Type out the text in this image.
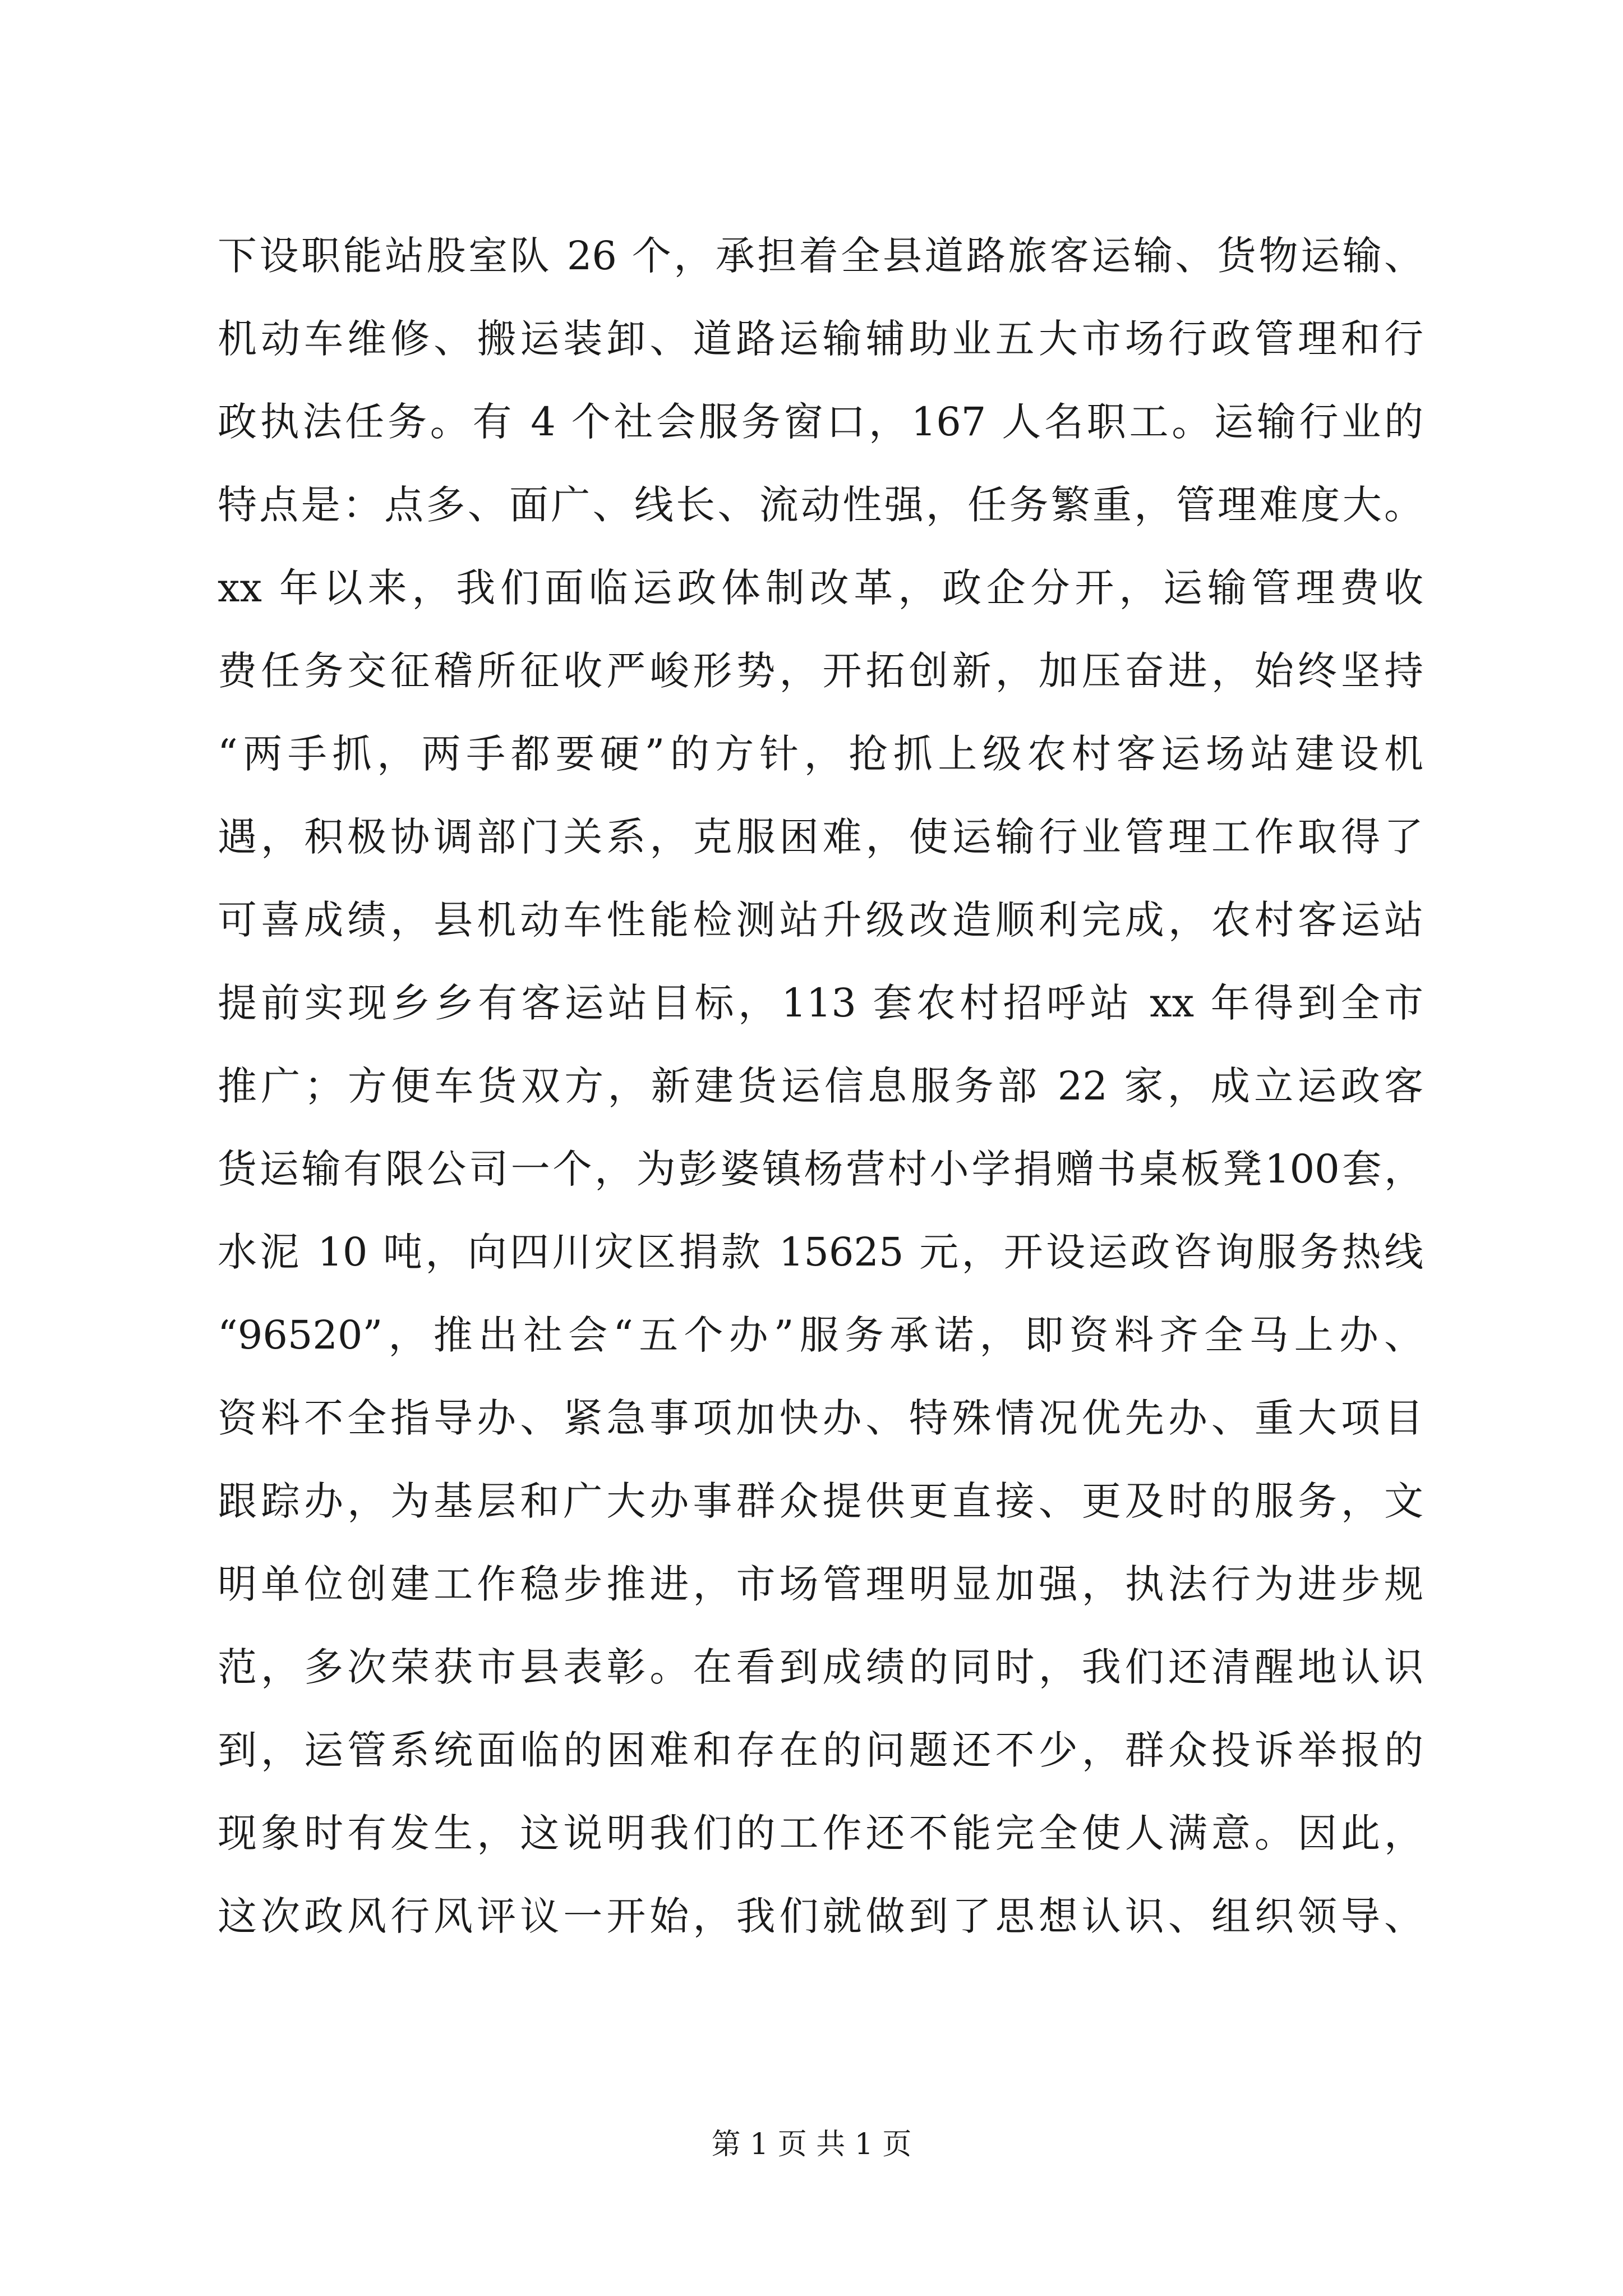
下设职能站股室队 26 个，承担着全县道路旅客运输、货物运输、
机动车维修、搬运装卸、道路运输辅助业五大市场行政管理和行
政执法任务。有 4 个社会服务窗口，167 人名职工。运输行业的
特点是：点多、面广、线长、流动性强，任务繁重，管理难度大。
xx 年以来，我们面临运政体制改革，政企分开，运输管理费收
费任务交征稽所征收严峻形势，开拓创新，加压奋进，始终坚持
“两手抓，两手都要硬”的方针，抢抓上级农村客运场站建设机
遇，积极协调部门关系，克服困难，使运输行业管理工作取得了
可喜成绩，县机动车性能检测站升级改造顺利完成，农村客运站
提前实现乡乡有客运站目标，113 套农村招呼站 xx 年得到全市
推广；方便车货双方，新建货运信息服务部 22 家，成立运政客
货运输有限公司一个，为彭婆镇杨营村小学捐赠书桌板凳100套，
水泥 10 吨，向四川灾区捐款 15625 元，开设运政咨询服务热线
“96520”，推出社会“五个办”服务承诺，即资料齐全马上办、
资料不全指导办、紧急事项加快办、特殊情况优先办、重大项目
跟踪办，为基层和广大办事群众提供更直接、更及时的服务，文
明单位创建工作稳步推进，市场管理明显加强，执法行为进步规
范，多次荣获市县表彰。在看到成绩的同时，我们还清醒地认识
到，运管系统面临的困难和存在的问题还不少，群众投诉举报的
现象时有发生，这说明我们的工作还不能完全使人满意。因此，
这次政风行风评议一开始，我们就做到了思想认识、组织领导、
第 1 页 共 1 页
